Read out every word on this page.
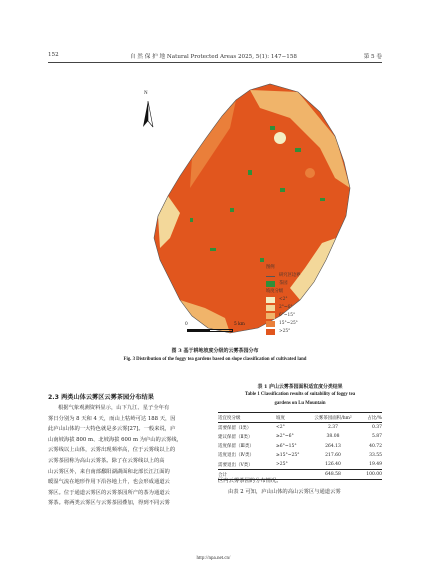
152	自 然 保 护 地 Natural Protected Areas 2025, 5(1): 147−158	第 5 卷
N
0	5 km
图例
研究区边界
茶园
坡度分级
<2°
2°~6°
6°~15°
15°~25°
>25°
图 3 基于耕地坡度分级的云雾茶园分布
Fig. 3 Distribution of the foggy tea gardens based on slope classification of cultivated land
2.3 两类山体云雾区云雾茶园分布结果
根据气象观测资料显示，山下九江、星子全年有
雾日分别为 8 天和 4 天，而山上牯岭可达 188 天，因
此庐山山体的一大特色就是多云雾[27]。一般来说，庐
山南坡海拔 800 m、北坡海拔 600 m 为庐山的云雾线，
云雾线以上山体，云雾出现频率高，位于云雾线以上的
云雾茶园称为高山云雾茶。除了在云雾线以上的高
山云雾区外，来自南部鄱阳湖湖面和北部长江江面的
暖湿气流在地形作用下沿谷地上升，也会形成通道云
雾区。位于通道云雾区的云雾茶园所产的茶为通道云
雾茶。将两类云雾区与云雾茶园叠加，得到不同云雾
表 1 庐山云雾茶园面积适宜度分类结果
Table 1 Classification results of suitability of foggy tea
gardens on Lu Mountain
适宜度分级	坡度	云雾茶园面积/hm²	占比/%
需要保留（Ⅰ类）	<2°	2.37	0.37
建议保留（Ⅱ类）	≥2°~6°	38.08	5.87
适度保留（Ⅲ类）	≥6°~15°	264.13	40.72
适度退出（Ⅳ类）	≥15°~25°	217.60	33.55
需要退出（Ⅴ类）	>25°	126.40	19.49
合计		648.58	100.00
区内云雾茶园的分布情况。
由表 2 可知，庐山山体的高山云雾区与通道云雾
http://npa.net.cn/
